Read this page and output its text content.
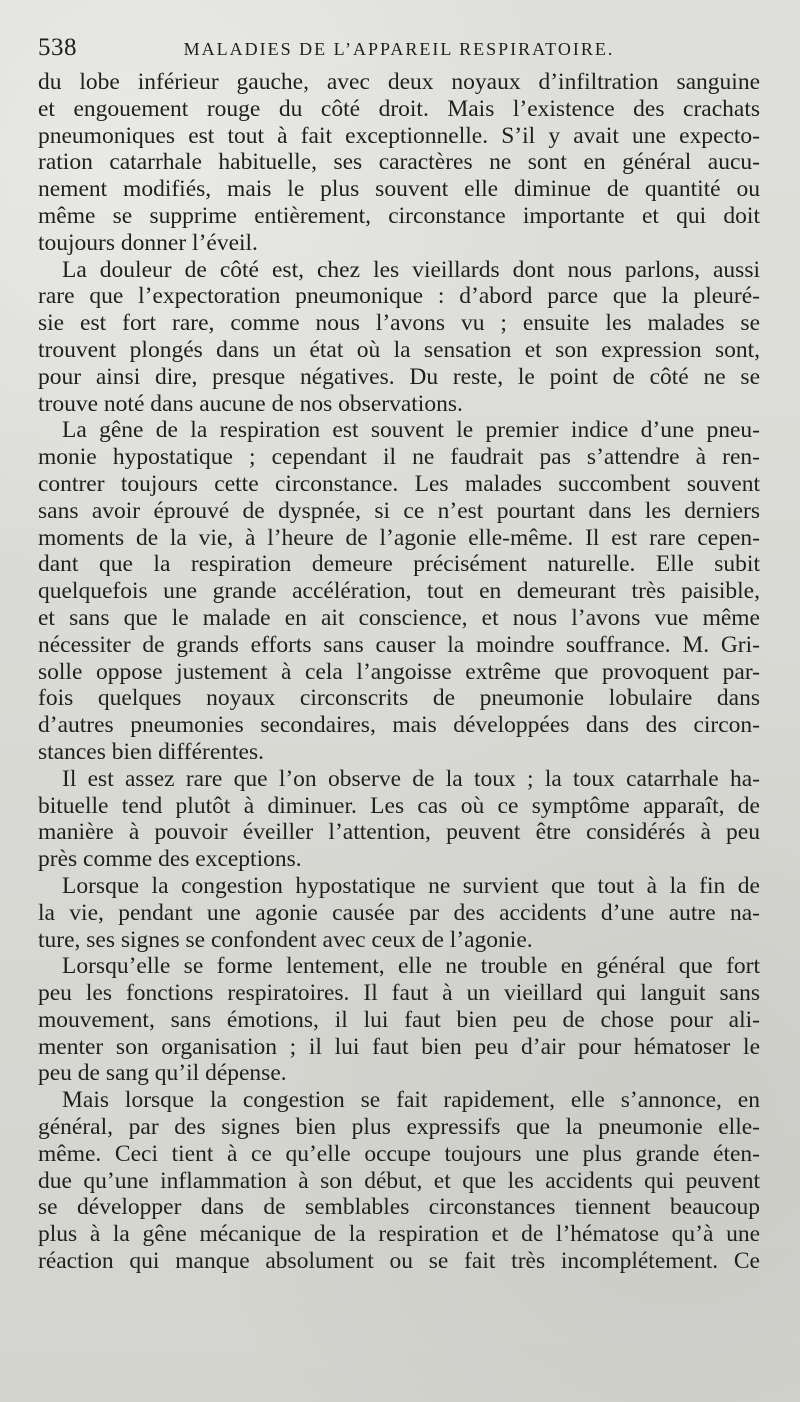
538	MALADIES DE L’APPAREIL RESPIRATOIRE.
du lobe inférieur gauche, avec deux noyaux d’infiltration sanguine
et engouement rouge du côté droit. Mais l’existence des crachats
pneumoniques est tout à fait exceptionnelle. S’il y avait une expecto-
ration catarrhale habituelle, ses caractères ne sont en général aucu-
nement modifiés, mais le plus souvent elle diminue de quantité ou
même se supprime entièrement, circonstance importante et qui doit
toujours donner l’éveil.
La douleur de côté est, chez les vieillards dont nous parlons, aussi
rare que l’expectoration pneumonique : d’abord parce que la pleuré-
sie est fort rare, comme nous l’avons vu ; ensuite les malades se
trouvent plongés dans un état où la sensation et son expression sont,
pour ainsi dire, presque négatives. Du reste, le point de côté ne se
trouve noté dans aucune de nos observations.
La gêne de la respiration est souvent le premier indice d’une pneu-
monie hypostatique ; cependant il ne faudrait pas s’attendre à ren-
contrer toujours cette circonstance. Les malades succombent souvent
sans avoir éprouvé de dyspnée, si ce n’est pourtant dans les derniers
moments de la vie, à l’heure de l’agonie elle-même. Il est rare cepen-
dant que la respiration demeure précisément naturelle. Elle subit
quelquefois une grande accélération, tout en demeurant très paisible,
et sans que le malade en ait conscience, et nous l’avons vue même
nécessiter de grands efforts sans causer la moindre souffrance. M. Gri-
solle oppose justement à cela l’angoisse extrême que provoquent par-
fois quelques noyaux circonscrits de pneumonie lobulaire dans
d’autres pneumonies secondaires, mais développées dans des circon-
stances bien différentes.
Il est assez rare que l’on observe de la toux ; la toux catarrhale ha-
bituelle tend plutôt à diminuer. Les cas où ce symptôme apparaît, de
manière à pouvoir éveiller l’attention, peuvent être considérés à peu
près comme des exceptions.
Lorsque la congestion hypostatique ne survient que tout à la fin de
la vie, pendant une agonie causée par des accidents d’une autre na-
ture, ses signes se confondent avec ceux de l’agonie.
Lorsqu’elle se forme lentement, elle ne trouble en général que fort
peu les fonctions respiratoires. Il faut à un vieillard qui languit sans
mouvement, sans émotions, il lui faut bien peu de chose pour ali-
menter son organisation ; il lui faut bien peu d’air pour hématoser le
peu de sang qu’il dépense.
Mais lorsque la congestion se fait rapidement, elle s’annonce, en
général, par des signes bien plus expressifs que la pneumonie elle-
même. Ceci tient à ce qu’elle occupe toujours une plus grande éten-
due qu’une inflammation à son début, et que les accidents qui peuvent
se développer dans de semblables circonstances tiennent beaucoup
plus à la gêne mécanique de la respiration et de l’hématose qu’à une
réaction qui manque absolument ou se fait très incomplétement. Ce
